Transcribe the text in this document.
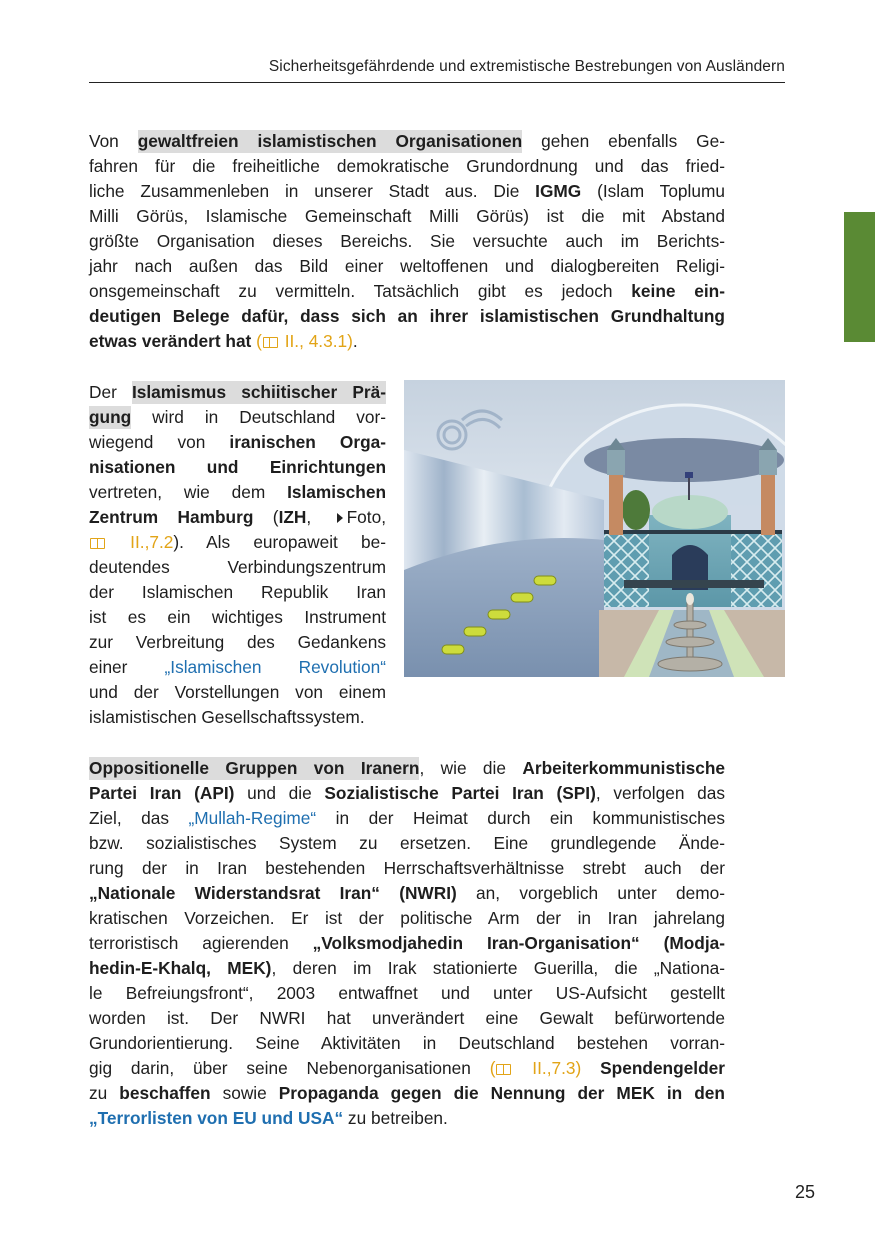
Sicherheitsgefährdende und extremistische Bestrebungen von Ausländern
Von gewaltfreien islamistischen Organisationen gehen ebenfalls Ge-
fahren für die freiheitliche demokratische Grundordnung und das fried-
liche Zusammenleben in unserer Stadt aus. Die IGMG (Islam Toplumu
Milli Görüs, Islamische Gemeinschaft Milli Görüs) ist die mit Abstand
größte Organisation dieses Bereichs. Sie versuchte auch im Berichts-
jahr nach außen das Bild einer weltoffenen und dialogbereiten Religi-
onsgemeinschaft zu vermitteln. Tatsächlich gibt es jedoch keine ein-
deutigen Belege dafür, dass sich an ihrer islamistischen Grundhaltung
etwas verändert hat ( II., 4.3.1).
Der Islamismus schiitischer Prä-
gung wird in Deutschland vor-
wiegend von iranischen Orga-
nisationen und Einrichtungen
vertreten, wie dem Islamischen
Zentrum Hamburg (IZH, Foto,
II.,7.2). Als europaweit be-
deutendes Verbindungszentrum
der Islamischen Republik Iran
ist es ein wichtiges Instrument
zur Verbreitung des Gedankens
einer „Islamischen Revolution“
und der Vorstellungen von einem
islamistischen Gesellschaftssystem.
Oppositionelle Gruppen von Iranern, wie die Arbeiterkommunistische
Partei Iran (API) und die Sozialistische Partei Iran (SPI), verfolgen das
Ziel, das „Mullah-Regime“ in der Heimat durch ein kommunistisches
bzw. sozialistisches System zu ersetzen. Eine grundlegende Ände-
rung der in Iran bestehenden Herrschaftsverhältnisse strebt auch der
„Nationale Widerstandsrat Iran“ (NWRI) an, vorgeblich unter demo-
kratischen Vorzeichen. Er ist der politische Arm der in Iran jahrelang
terroristisch agierenden „Volksmodjahedin Iran-Organisation“ (Modja-
hedin-E-Khalq, MEK), deren im Irak stationierte Guerilla, die „Nationa-
le Befreiungsfront“, 2003 entwaffnet und unter US-Aufsicht gestellt
worden ist. Der NWRI hat unverändert eine Gewalt befürwortende
Grundorientierung. Seine Aktivitäten in Deutschland bestehen vorran-
gig darin, über seine Nebenorganisationen ( II.,7.3) Spendengelder
zu beschaffen sowie Propaganda gegen die Nennung der MEK in den
„Terrorlisten von EU und USA“ zu betreiben.
25
